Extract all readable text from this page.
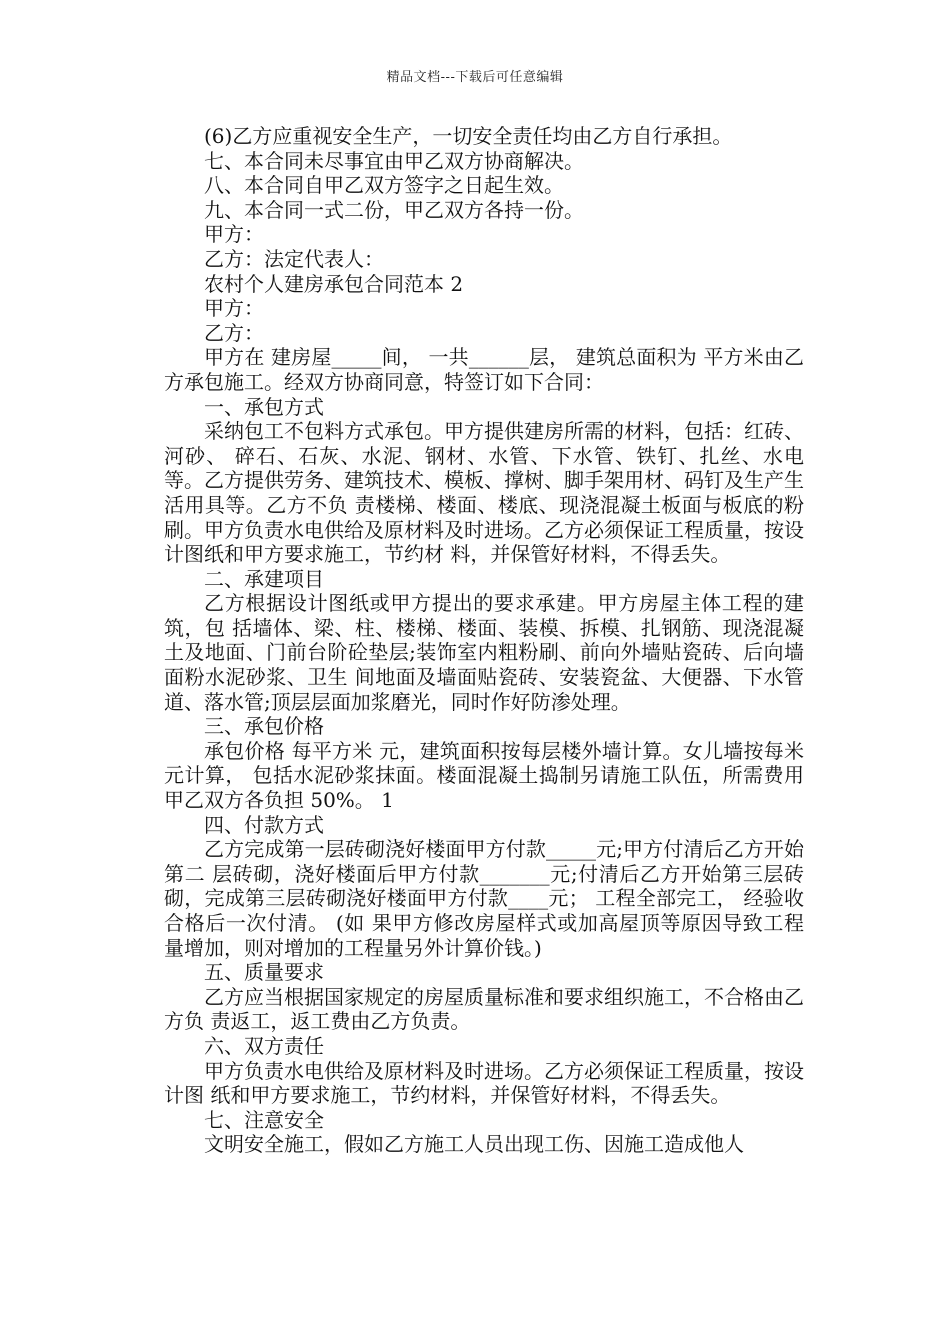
精品文档---下载后可任意编辑

(6)乙方应重视安全生产，一切安全责任均由乙方自行承担。

七、本合同未尽事宜由甲乙双方协商解决。

八、本合同自甲乙双方签字之日起生效。

九、本合同一式二份，甲乙双方各持一份。

甲方：

乙方：法定代表人：

农村个人建房承包合同范本 2

甲方：

乙方：

甲方在 建房屋_____间， 一共______层， 建筑总面积为 平方米由乙方承包施工。经双方协商同意，特签订如下合同：

一、承包方式

采纳包工不包料方式承包。甲方提供建房所需的材料，包括：红砖、河砂、 碎石、石灰、水泥、钢材、水管、下水管、铁钉、扎丝、水电等。乙方提供劳务、建筑技术、模板、撑树、脚手架用材、码钉及生产生活用具等。乙方不负 责楼梯、楼面、楼底、现浇混凝土板面与板底的粉刷。甲方负责水电供给及原材料及时进场。乙方必须保证工程质量，按设计图纸和甲方要求施工，节约材 料，并保管好材料，不得丢失。

二、承建项目

乙方根据设计图纸或甲方提出的要求承建。甲方房屋主体工程的建筑，包 括墙体、梁、柱、楼梯、楼面、装模、拆模、扎钢筋、现浇混凝土及地面、门前台阶砼垫层;装饰室内粗粉刷、前向外墙贴瓷砖、后向墙面粉水泥砂浆、卫生 间地面及墙面贴瓷砖、安装瓷盆、大便器、下水管道、落水管;顶层层面加浆磨光，同时作好防渗处理。

三、承包价格

承包价格 每平方米 元，建筑面积按每层楼外墙计算。女儿墙按每米 元计算， 包括水泥砂浆抹面。楼面混凝土捣制另请施工队伍，所需费用甲乙双方各负担 50%。 1

四、付款方式

乙方完成第一层砖砌浇好楼面甲方付款_____元;甲方付清后乙方开始第二 层砖砌，浇好楼面后甲方付款_______元;付清后乙方开始第三层砖砌，完成第三层砖砌浇好楼面甲方付款____元； 工程全部完工， 经验收合格后一次付清。 (如 果甲方修改房屋样式或加高屋顶等原因导致工程量增加，则对增加的工程量另外计算价钱。)

五、质量要求

乙方应当根据国家规定的房屋质量标准和要求组织施工，不合格由乙方负 责返工，返工费由乙方负责。

六、双方责任

甲方负责水电供给及原材料及时进场。乙方必须保证工程质量，按设计图 纸和甲方要求施工，节约材料，并保管好材料，不得丢失。

七、注意安全

文明安全施工，假如乙方施工人员出现工伤、因施工造成他人
